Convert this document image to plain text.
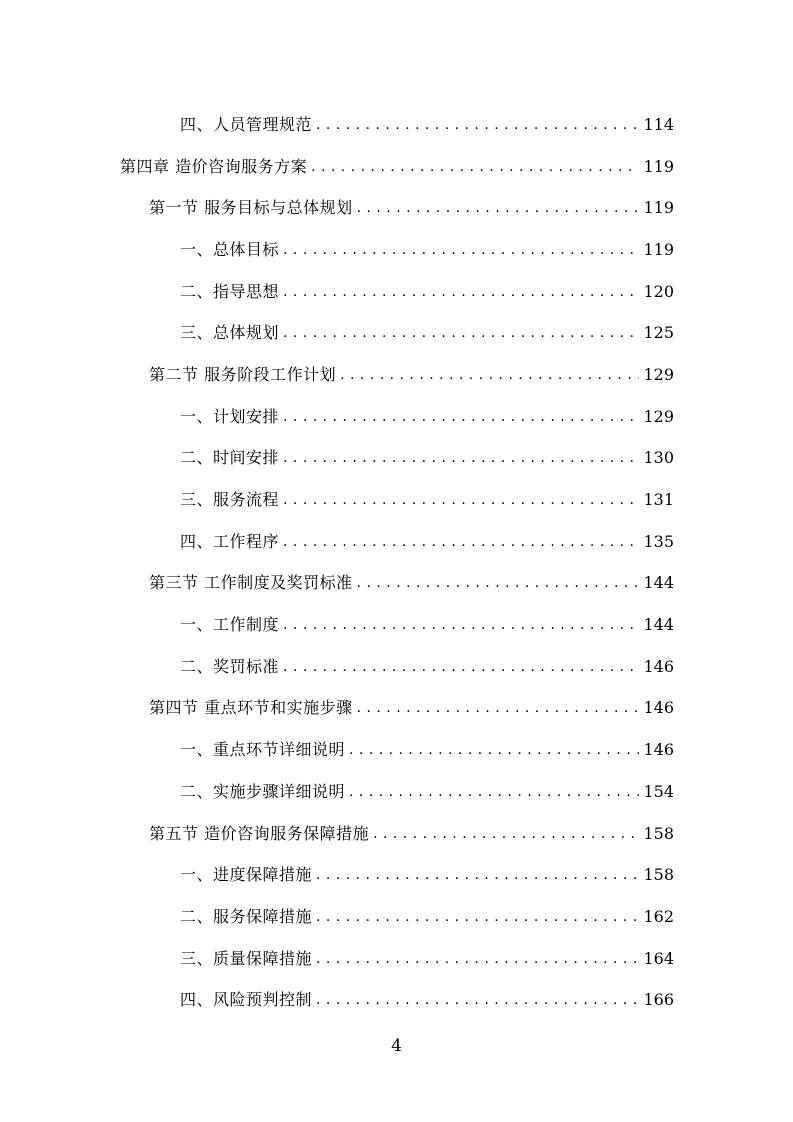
四、人员管理规范 . . .	114
第四章 造价咨询服务方案 . . .	119
第一节 服务目标与总体规划 . . .	119
一、总体目标 . . .	119
二、指导思想 . . .	120
三、总体规划 . . .	125
第二节 服务阶段工作计划 . . .	129
一、计划安排 . . .	129
二、时间安排 . . .	130
三、服务流程 . . .	131
四、工作程序 . . .	135
第三节 工作制度及奖罚标准 . . .	144
一、工作制度 . . .	144
二、奖罚标准 . . .	146
第四节 重点环节和实施步骤 . . .	146
一、重点环节详细说明 . . .	146
二、实施步骤详细说明 . . .	154
第五节 造价咨询服务保障措施 . . .	158
一、进度保障措施 . . .	158
二、服务保障措施 . . .	162
三、质量保障措施 . . .	164
四、风险预判控制 . . .	166
4
